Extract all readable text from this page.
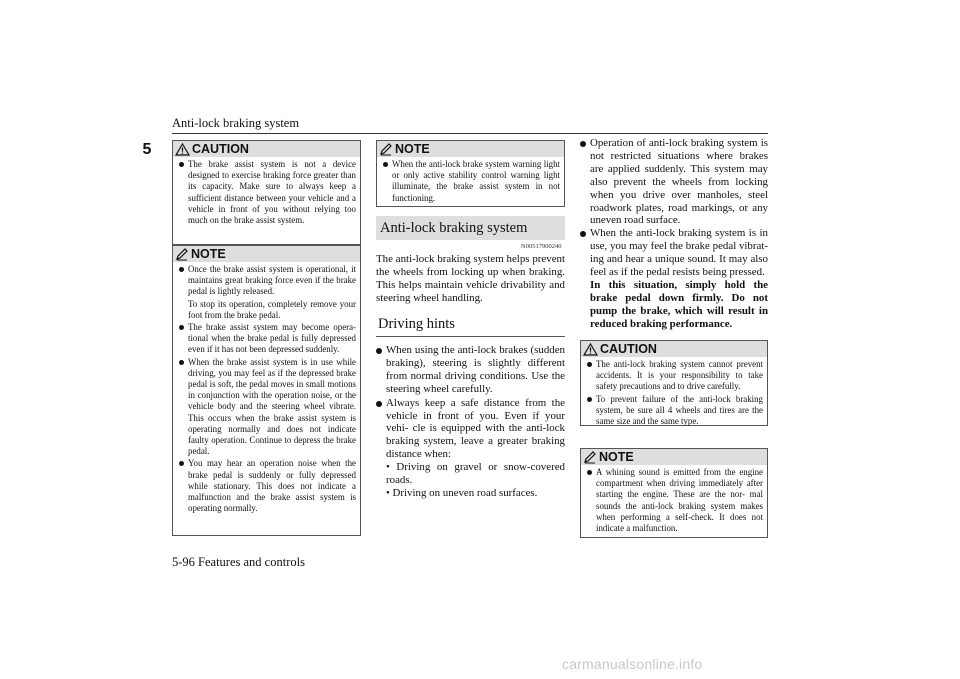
Anti-lock braking system
5	CAUTION

The brake assist system is not a device designed to exercise braking force greater than its capacity. Make sure to always keep a sufficient distance between your vehicle and a vehicle in front of you without relying too much on the brake assist system.

NOTE

Once the brake assist system is operational, it maintains great braking force even if the brake pedal is lightly released.

To stop its operation, completely remove your foot from the brake pedal.

The brake assist system may become opera- tional when the brake pedal is fully depressed even if it has not been depressed suddenly.

When the brake assist system is in use while driving, you may feel as if the depressed brake pedal is soft, the pedal moves in small motions in conjunction with the operation noise, or the vehicle body and the steering wheel vibrate. This occurs when the brake assist system is operating normally and does not indicate faulty operation. Continue to depress the brake pedal.

You may hear an operation noise when the brake pedal is suddenly or fully depressed while stationary. This does not indicate a malfunction and the brake assist system is operating normally.

NOTE

When the anti-lock brake system warning light or only active stability control warning light illuminate, the brake assist system in not functioning.

Anti-lock braking system
N00517900240
The anti-lock braking system helps prevent the wheels from locking up when braking. This helps maintain vehicle drivability and steering wheel handling.
Driving hints

When using the anti-lock brakes (sudden braking), steering is slightly different from normal driving conditions. Use the steering wheel carefully.

Always keep a safe distance from the vehicle in front of you. Even if your vehi- cle is equipped with the anti-lock braking system, leave a greater braking distance when:

• Driving on gravel or snow-covered roads.

• Driving on uneven road surfaces.

Operation of anti-lock braking system is not restricted situations where brakes are applied suddenly. This system may also prevent the wheels from locking when you drive over manholes, steel roadwork plates, road markings, or any uneven road surface.

When the anti-lock braking system is in use, you may feel the brake pedal vibrat- ing and hear a unique sound. It may also feel as if the pedal resists being pressed.

In this situation, simply hold the brake pedal down firmly. Do not pump the brake, which will result in reduced braking performance.

CAUTION

The anti-lock braking system cannot prevent accidents. It is your responsibility to take safety precautions and to drive carefully.

To prevent failure of the anti-lock braking system, be sure all 4 wheels and tires are the same size and the same type.

NOTE

A whining sound is emitted from the engine compartment when driving immediately after starting the engine. These are the nor- mal sounds the anti-lock braking system makes when performing a self-check. It does not indicate a malfunction.

5-96 Features and controls
carmanualsonline.info
